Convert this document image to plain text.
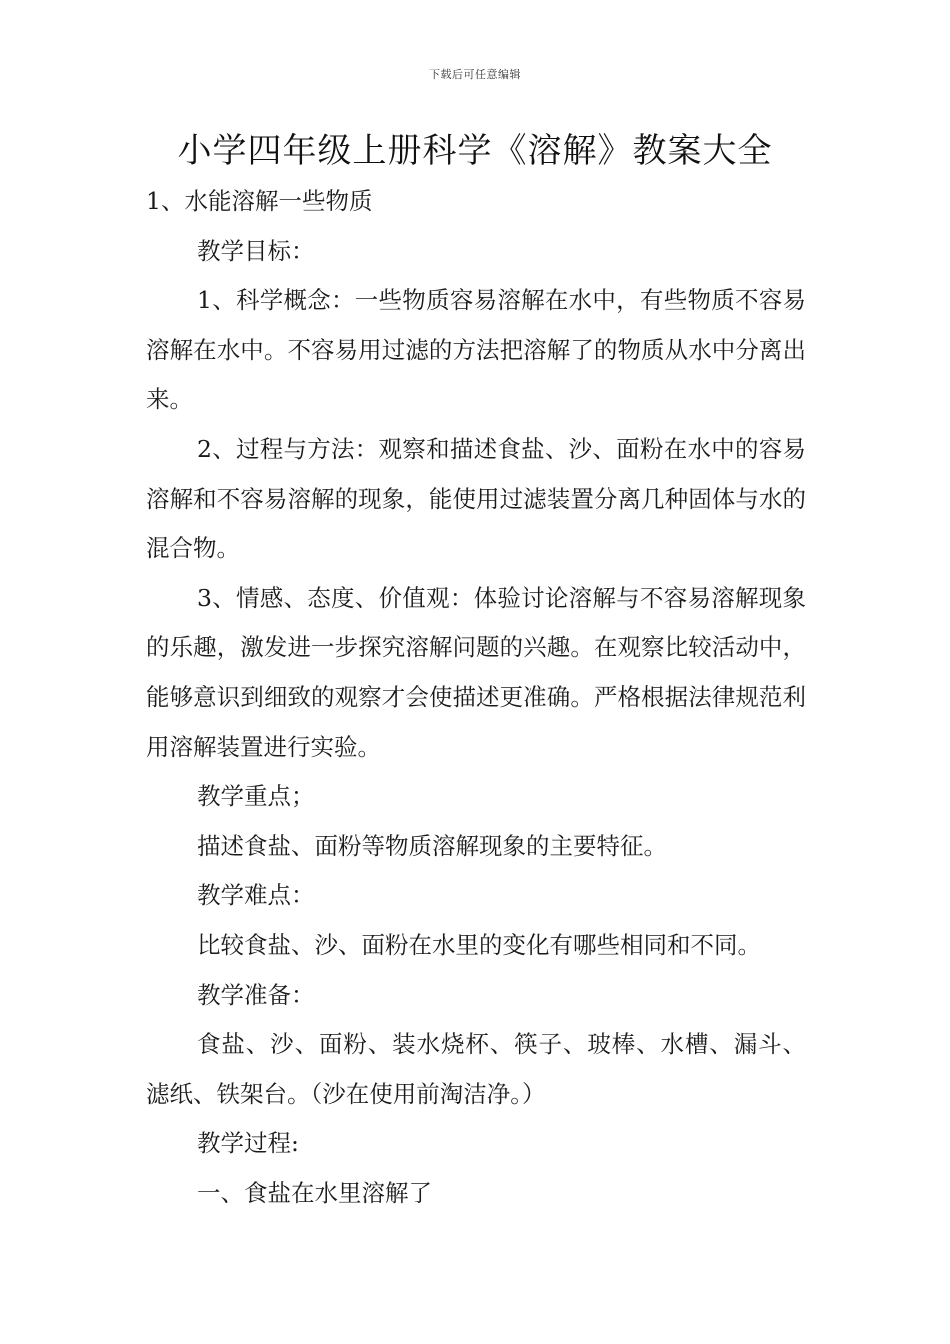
下载后可任意编辑
小学四年级上册科学《溶解》教案大全

1、水能溶解一些物质

教学目标：

1、科学概念：一些物质容易溶解在水中，有些物质不容易溶解在水中。不容易用过滤的方法把溶解了的物质从水中分离出来。

2、过程与方法：观察和描述食盐、沙、面粉在水中的容易溶解和不容易溶解的现象，能使用过滤装置分离几种固体与水的混合物。

3、情感、态度、价值观：体验讨论溶解与不容易溶解现象的乐趣，激发进一步探究溶解问题的兴趣。在观察比较活动中，能够意识到细致的观察才会使描述更准确。严格根据法律规范利用溶解装置进行实验。

教学重点；

描述食盐、面粉等物质溶解现象的主要特征。

教学难点：

比较食盐、沙、面粉在水里的变化有哪些相同和不同。

教学准备：

食盐、沙、面粉、装水烧杯、筷子、玻棒、水槽、漏斗、滤纸、铁架台。（沙在使用前淘洁净。）

教学过程:

一、食盐在水里溶解了
